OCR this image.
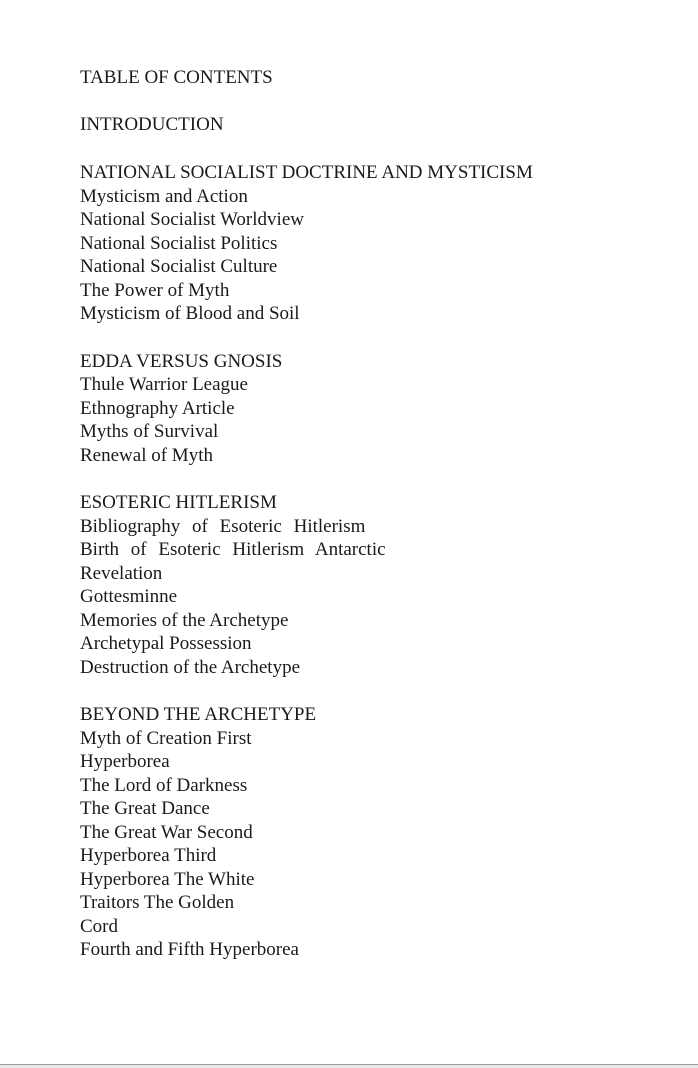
TABLE OF CONTENTS
INTRODUCTION
NATIONAL SOCIALIST DOCTRINE AND MYSTICISM
Mysticism and Action
National Socialist Worldview
National Socialist Politics
National Socialist Culture
The Power of Myth
Mysticism of Blood and Soil
EDDA VERSUS GNOSIS
Thule Warrior League
Ethnography Article
Myths of Survival
Renewal of Myth
ESOTERIC HITLERISM
Bibliography of Esoteric Hitlerism
Birth of Esoteric Hitlerism Antarctic
Revelation
Gottesminne
Memories of the Archetype
Archetypal Possession
Destruction of the Archetype
BEYOND THE ARCHETYPE
Myth of Creation First
Hyperborea
The Lord of Darkness
The Great Dance
The Great War Second
Hyperborea Third
Hyperborea The White
Traitors The Golden
Cord
Fourth and Fifth Hyperborea
